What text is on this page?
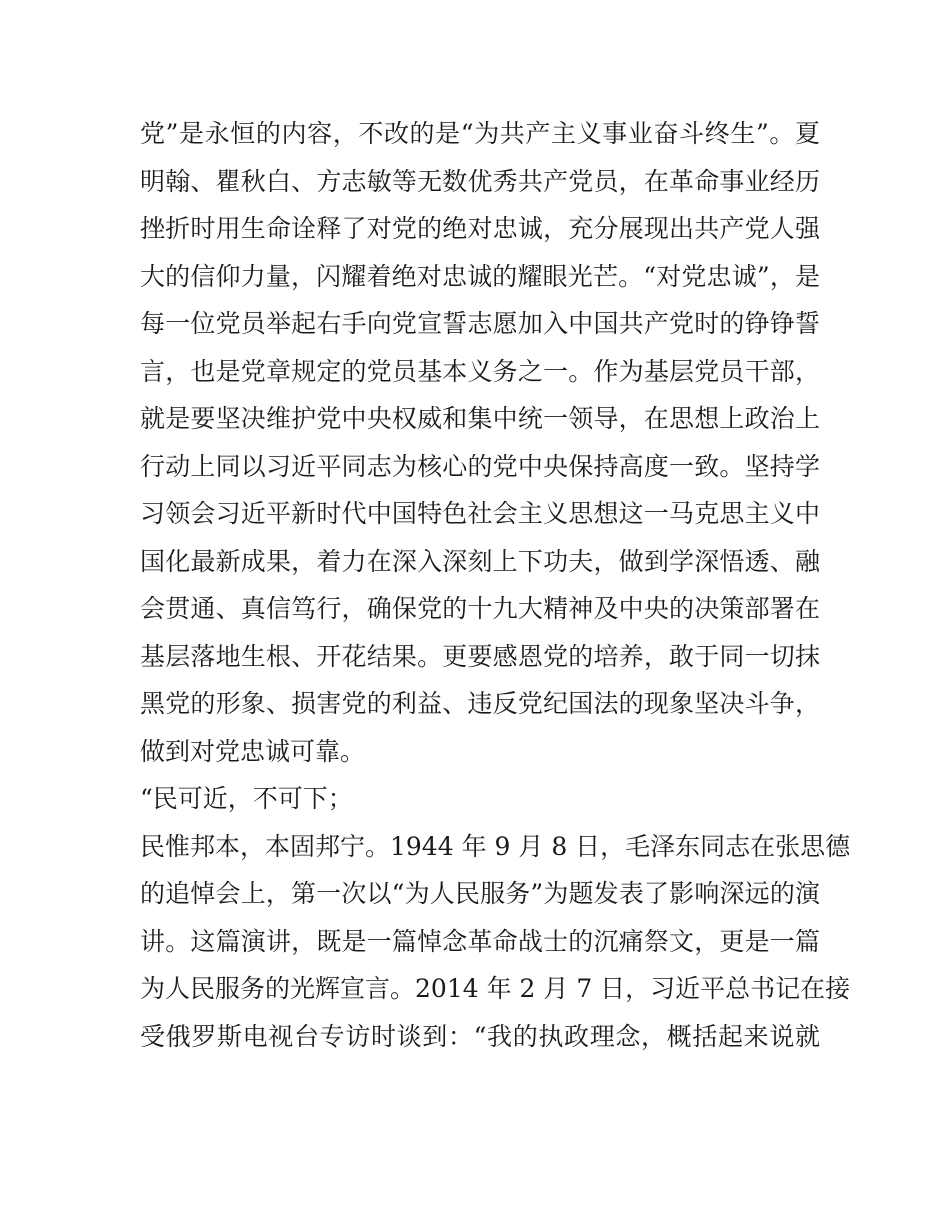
党”是永恒的内容，不改的是“为共产主义事业奋斗终生”。夏
明翰、瞿秋白、方志敏等无数优秀共产党员，在革命事业经历
挫折时用生命诠释了对党的绝对忠诚，充分展现出共产党人强
大的信仰力量，闪耀着绝对忠诚的耀眼光芒。“对党忠诚”，是
每一位党员举起右手向党宣誓志愿加入中国共产党时的铮铮誓
言，也是党章规定的党员基本义务之一。作为基层党员干部，
就是要坚决维护党中央权威和集中统一领导，在思想上政治上
行动上同以习近平同志为核心的党中央保持高度一致。坚持学
习领会习近平新时代中国特色社会主义思想这一马克思主义中
国化最新成果，着力在深入深刻上下功夫，做到学深悟透、融
会贯通、真信笃行，确保党的十九大精神及中央的决策部署在
基层落地生根、开花结果。更要感恩党的培养，敢于同一切抹
黑党的形象、损害党的利益、违反党纪国法的现象坚决斗争，
做到对党忠诚可靠。
“民可近，不可下；
民惟邦本，本固邦宁。1944 年 9 月 8 日，毛泽东同志在张思德
的追悼会上，第一次以“为人民服务”为题发表了影响深远的演
讲。这篇演讲，既是一篇悼念革命战士的沉痛祭文，更是一篇
为人民服务的光辉宣言。2014 年 2 月 7 日，习近平总书记在接
受俄罗斯电视台专访时谈到：“我的执政理念，概括起来说就
